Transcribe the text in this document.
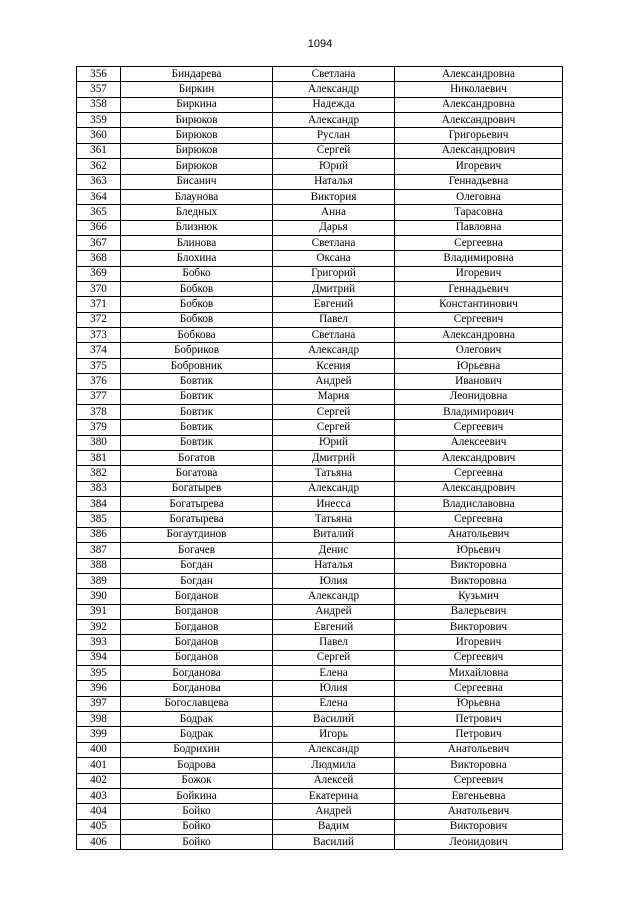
1094
356	Биндарева	Светлана	Александровна
357	Биркин	Александр	Николаевич
358	Биркина	Надежда	Александровна
359	Бирюков	Александр	Александрович
360	Бирюков	Руслан	Григорьевич
361	Бирюков	Сергей	Александрович
362	Бирюков	Юрий	Игоревич
363	Бисанич	Наталья	Геннадьевна
364	Блаунова	Виктория	Олеговна
365	Бледных	Анна	Тарасовна
366	Близнюк	Дарья	Павловна
367	Блинова	Светлана	Сергеевна
368	Блохина	Оксана	Владимировна
369	Бобко	Григорий	Игоревич
370	Бобков	Дмитрий	Геннадьевич
371	Бобков	Евгений	Константинович
372	Бобков	Павел	Сергеевич
373	Бобкова	Светлана	Александровна
374	Бобриков	Александр	Олегович
375	Бобровник	Ксения	Юрьевна
376	Бовтик	Андрей	Иванович
377	Бовтик	Мария	Леонидовна
378	Бовтик	Сергей	Владимирович
379	Бовтик	Сергей	Сергеевич
380	Бовтик	Юрий	Алексеевич
381	Богатов	Дмитрий	Александрович
382	Богатова	Татьяна	Сергеевна
383	Богатырев	Александр	Александрович
384	Богатырева	Инесса	Владиславовна
385	Богатырева	Татьяна	Сергеевна
386	Богаутдинов	Виталий	Анатольевич
387	Богачев	Денис	Юрьевич
388	Богдан	Наталья	Викторовна
389	Богдан	Юлия	Викторовна
390	Богданов	Александр	Кузьмич
391	Богданов	Андрей	Валерьевич
392	Богданов	Евгений	Викторович
393	Богданов	Павел	Игоревич
394	Богданов	Сергей	Сергеевич
395	Богданова	Елена	Михайловна
396	Богданова	Юлия	Сергеевна
397	Богославцева	Елена	Юрьевна
398	Бодрак	Василий	Петрович
399	Бодрак	Игорь	Петрович
400	Бодрихин	Александр	Анатольевич
401	Бодрова	Людмила	Викторовна
402	Божок	Алексей	Сергеевич
403	Бойкина	Екатерина	Евгеньевна
404	Бойко	Андрей	Анатольевич
405	Бойко	Вадим	Викторович
406	Бойко	Василий	Леонидович
